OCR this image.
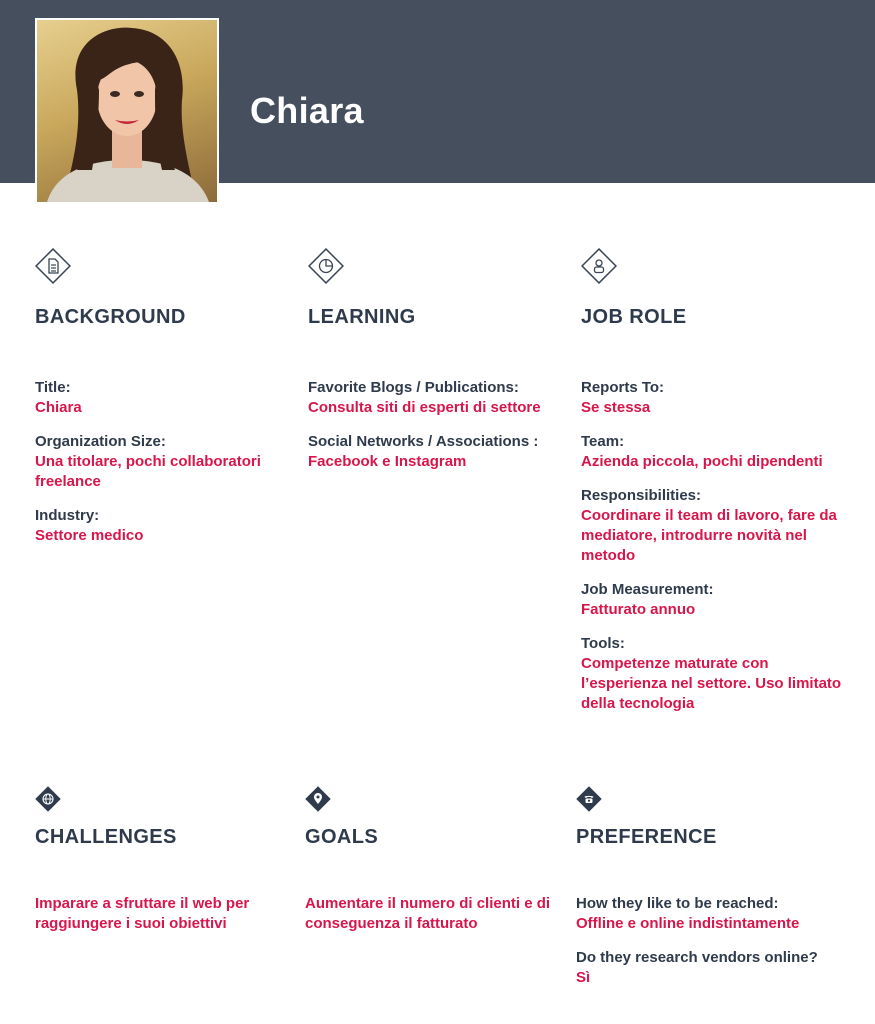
Chiara
BACKGROUND
Title:
Chiara
Organization Size:
Una titolare, pochi collaboratori freelance
Industry:
Settore medico
LEARNING
Favorite Blogs / Publications:
Consulta siti di esperti di settore
Social Networks / Associations :
Facebook e Instagram
JOB ROLE
Reports To:
Se stessa
Team:
Azienda piccola, pochi dipendenti
Responsibilities:
Coordinare il team di lavoro, fare da mediatore, introdurre novità nel metodo
Job Measurement:
Fatturato annuo
Tools:
Competenze maturate con l’esperienza nel settore. Uso limitato della tecnologia
CHALLENGES
Imparare a sfruttare il web per raggiungere i suoi obiettivi
GOALS
Aumentare il numero di clienti e di conseguenza il fatturato
PREFERENCE
How they like to be reached:
Offline e online indistintamente
Do they research vendors online?
Sì
